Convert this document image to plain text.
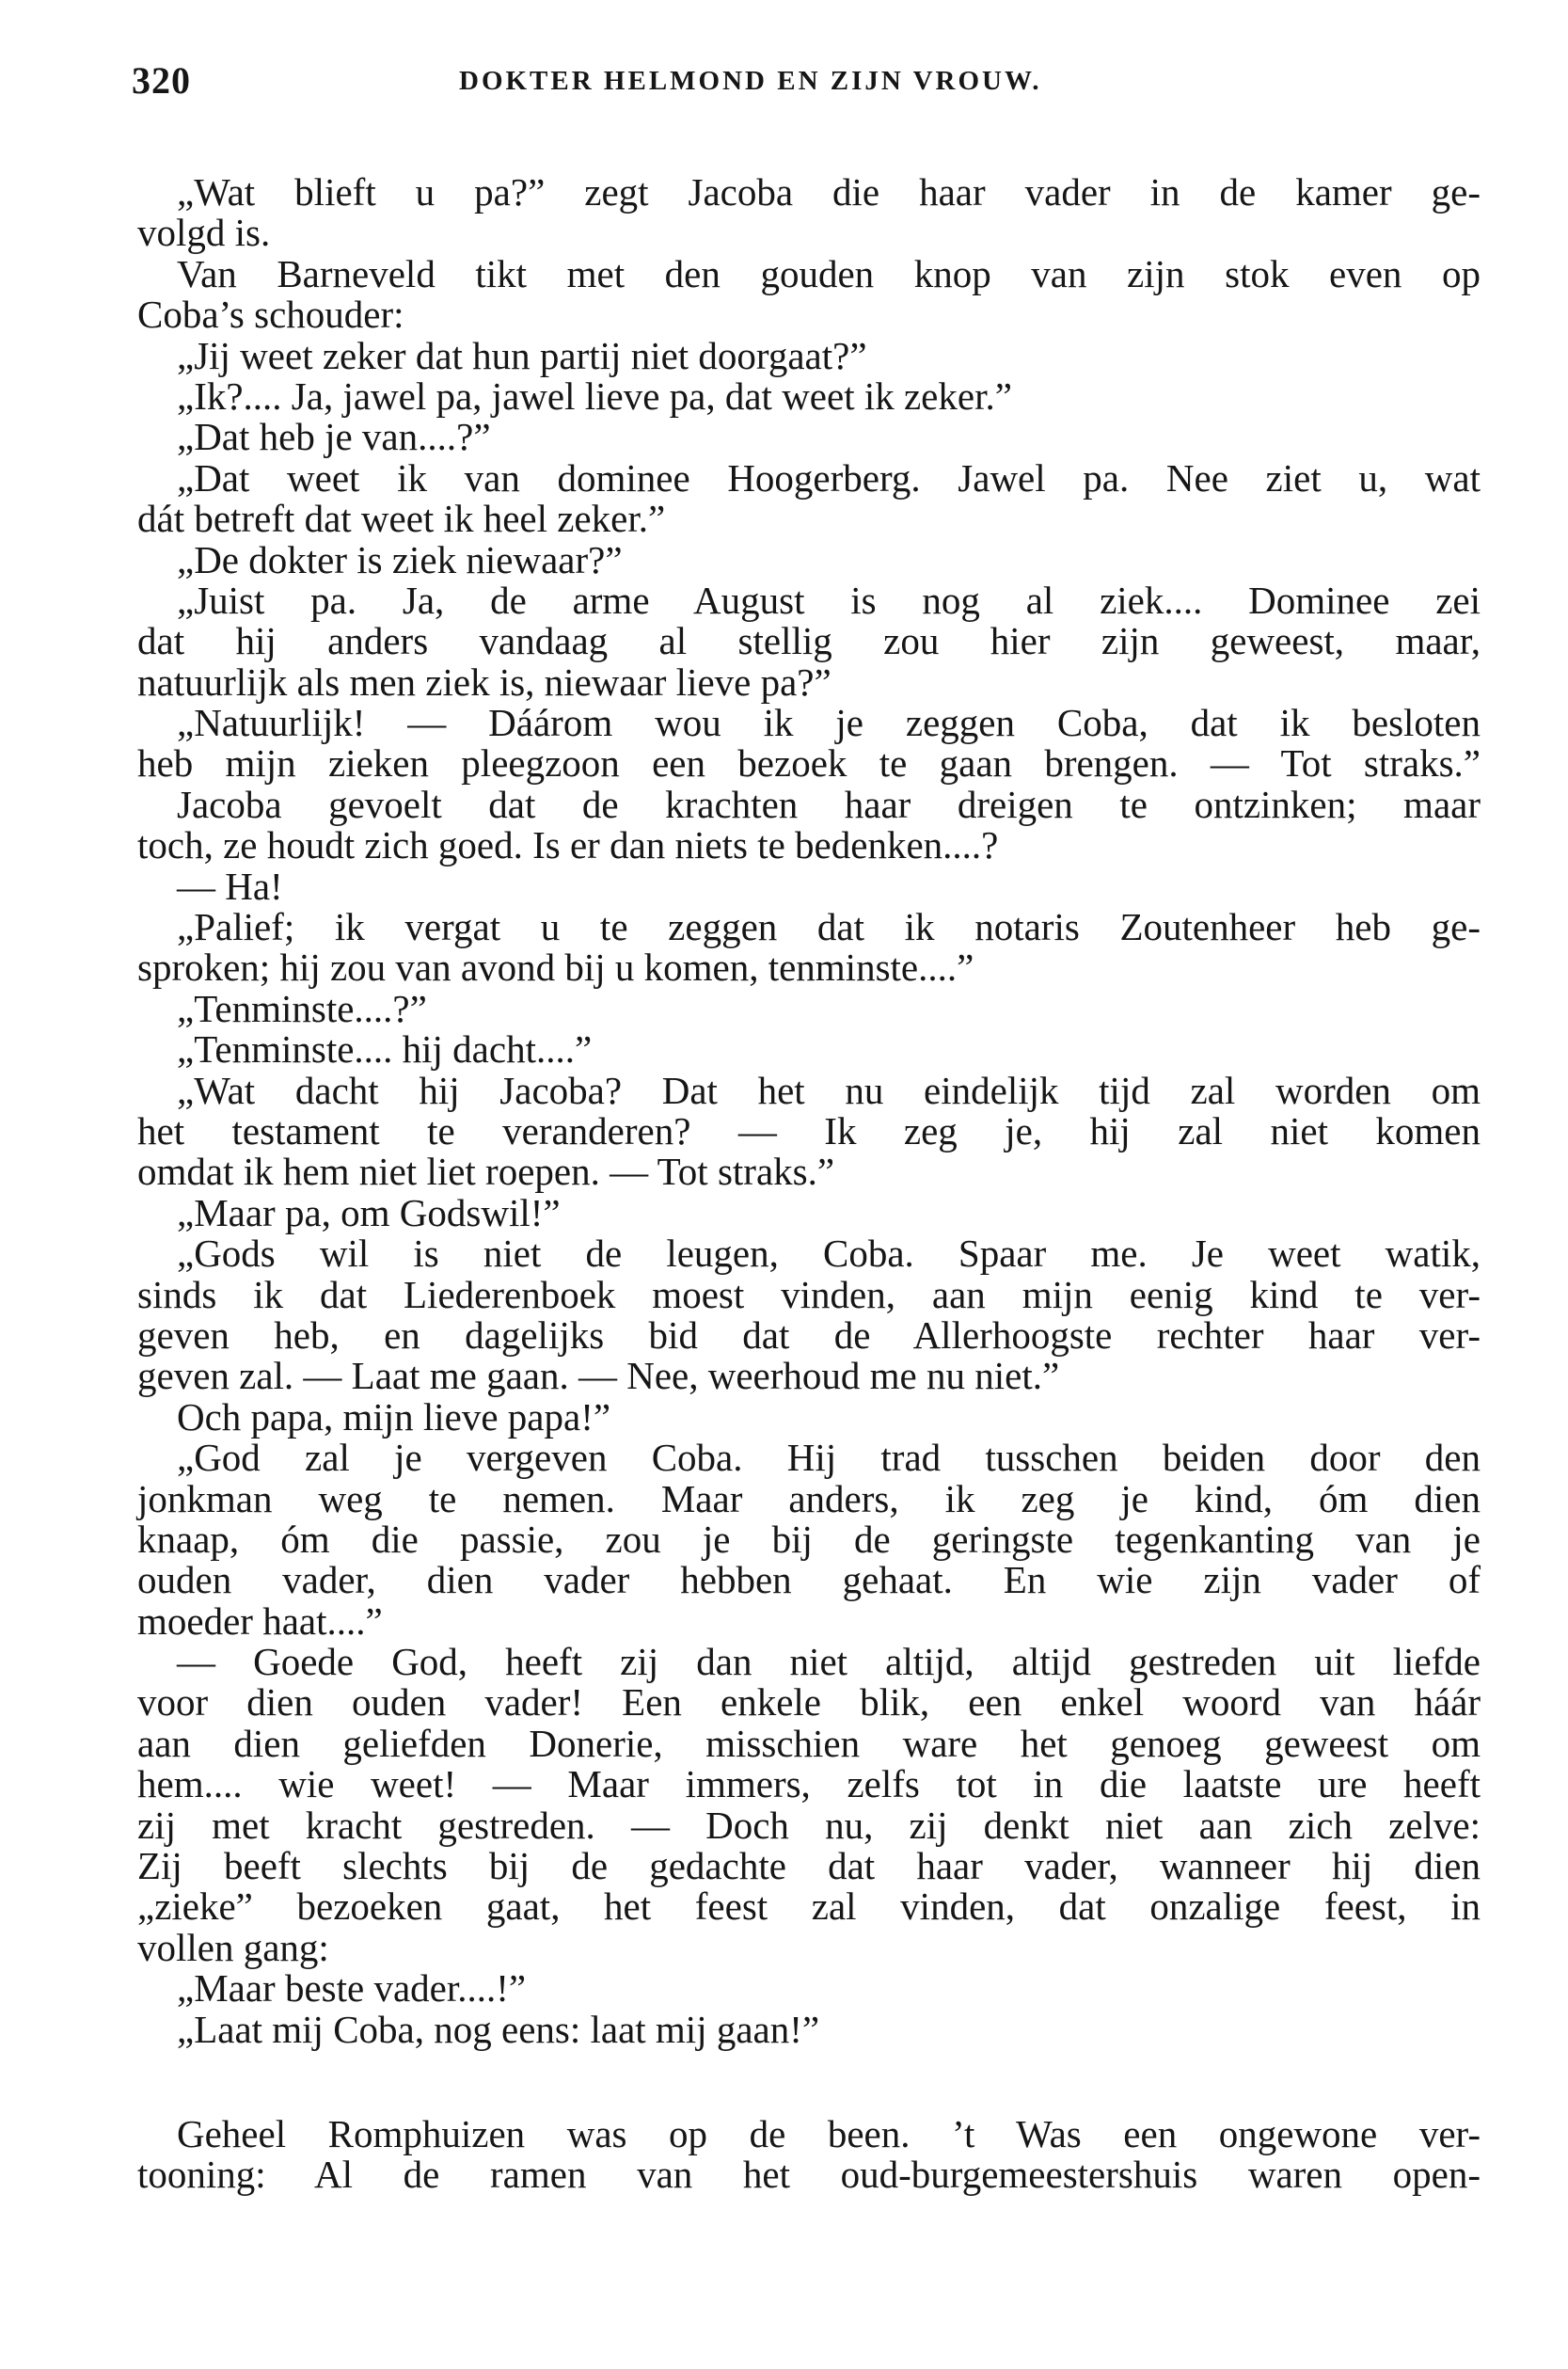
320	DOKTER HELMOND EN ZIJN VROUW.
„Wat blieft u pa?” zegt Jacoba die haar vader in de kamer ge-
volgd is.
Van Barneveld tikt met den gouden knop van zijn stok even op
Coba’s schouder:
„Jij weet zeker dat hun partij niet doorgaat?”
„Ik?.... Ja, jawel pa, jawel lieve pa, dat weet ik zeker.”
„Dat heb je van....?”
„Dat weet ik van dominee Hoogerberg. Jawel pa. Nee ziet u, wat
dát betreft dat weet ik heel zeker.”
„De dokter is ziek niewaar?”
„Juist pa. Ja, de arme August is nog al ziek.... Dominee zei
dat hij anders vandaag al stellig zou hier zijn geweest, maar,
natuurlijk als men ziek is, niewaar lieve pa?”
„Natuurlijk! — Dáárom wou ik je zeggen Coba, dat ik besloten
heb mijn zieken pleegzoon een bezoek te gaan brengen. — Tot straks.”
Jacoba gevoelt dat de krachten haar dreigen te ontzinken; maar
toch, ze houdt zich goed. Is er dan niets te bedenken....?
— Ha!
„Palief; ik vergat u te zeggen dat ik notaris Zoutenheer heb ge-
sproken; hij zou van avond bij u komen, tenminste....”
„Tenminste....?”
„Tenminste.... hij dacht....”
„Wat dacht hij Jacoba? Dat het nu eindelijk tijd zal worden om
het testament te veranderen? — Ik zeg je, hij zal niet komen
omdat ik hem niet liet roepen. — Tot straks.”
„Maar pa, om Godswil!”
„Gods wil is niet de leugen, Coba. Spaar me. Je weet watik,
sinds ik dat Liederenboek moest vinden, aan mijn eenig kind te ver-
geven heb, en dagelijks bid dat de Allerhoogste rechter haar ver-
geven zal. — Laat me gaan. — Nee, weerhoud me nu niet.”
Och papa, mijn lieve papa!”
„God zal je vergeven Coba. Hij trad tusschen beiden door den
jonkman weg te nemen. Maar anders, ik zeg je kind, óm dien
knaap, óm die passie, zou je bij de geringste tegenkanting van je
ouden vader, dien vader hebben gehaat. En wie zijn vader of
moeder haat....”
— Goede God, heeft zij dan niet altijd, altijd gestreden uit liefde
voor dien ouden vader! Een enkele blik, een enkel woord van háár
aan dien geliefden Donerie, misschien ware het genoeg geweest om
hem.... wie weet! — Maar immers, zelfs tot in die laatste ure heeft
zij met kracht gestreden. — Doch nu, zij denkt niet aan zich zelve:
Zij beeft slechts bij de gedachte dat haar vader, wanneer hij dien
„zieke” bezoeken gaat, het feest zal vinden, dat onzalige feest, in
vollen gang:
„Maar beste vader....!”
„Laat mij Coba, nog eens: laat mij gaan!”
Geheel Romphuizen was op de been. ’t Was een ongewone ver-
tooning: Al de ramen van het oud-burgemeestershuis waren open-
